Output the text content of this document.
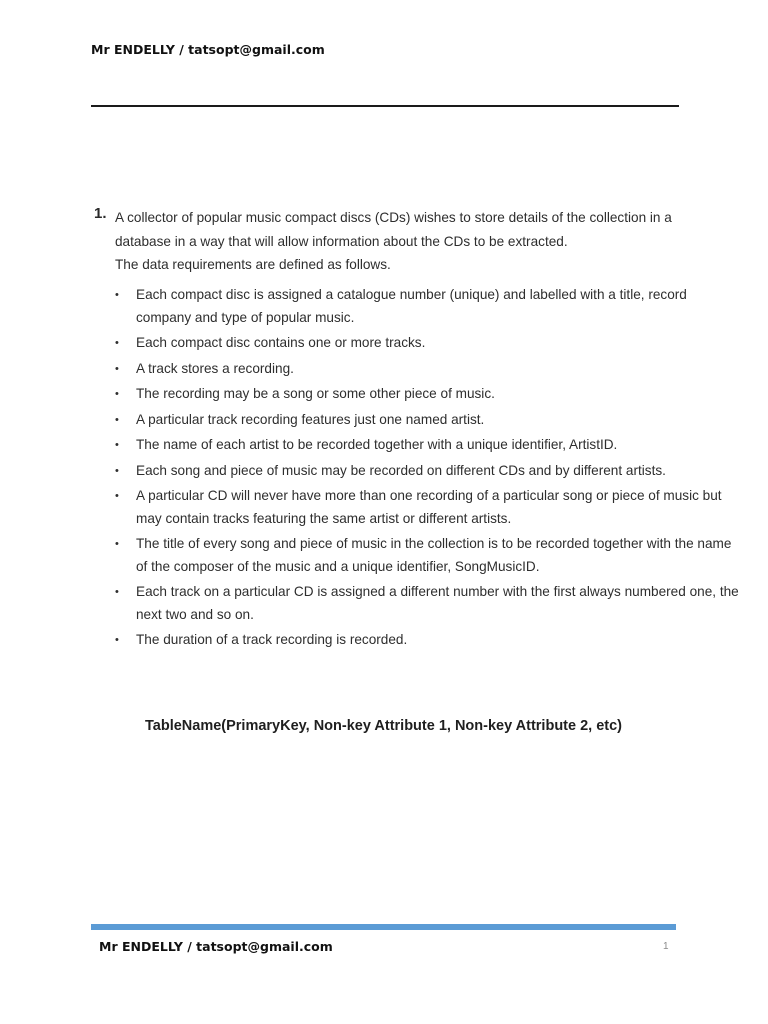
Mr ENDELLY / tatsopt@gmail.com
1. A collector of popular music compact discs (CDs) wishes to store details of the collection in a database in a way that will allow information about the CDs to be extracted.

The data requirements are defined as follows.

• Each compact disc is assigned a catalogue number (unique) and labelled with a title, record company and type of popular music.
• Each compact disc contains one or more tracks.
• A track stores a recording.
• The recording may be a song or some other piece of music.
• A particular track recording features just one named artist.
• The name of each artist to be recorded together with a unique identifier, ArtistID.
• Each song and piece of music may be recorded on different CDs and by different artists.
• A particular CD will never have more than one recording of a particular song or piece of music but may contain tracks featuring the same artist or different artists.
• The title of every song and piece of music in the collection is to be recorded together with the name of the composer of the music and a unique identifier, SongMusicID.
• Each track on a particular CD is assigned a different number with the first always numbered one, the next two and so on.
• The duration of a track recording is recorded.
TableName(PrimaryKey, Non-key Attribute 1, Non-key Attribute 2, etc)
Mr ENDELLY / tatsopt@gmail.com	1
